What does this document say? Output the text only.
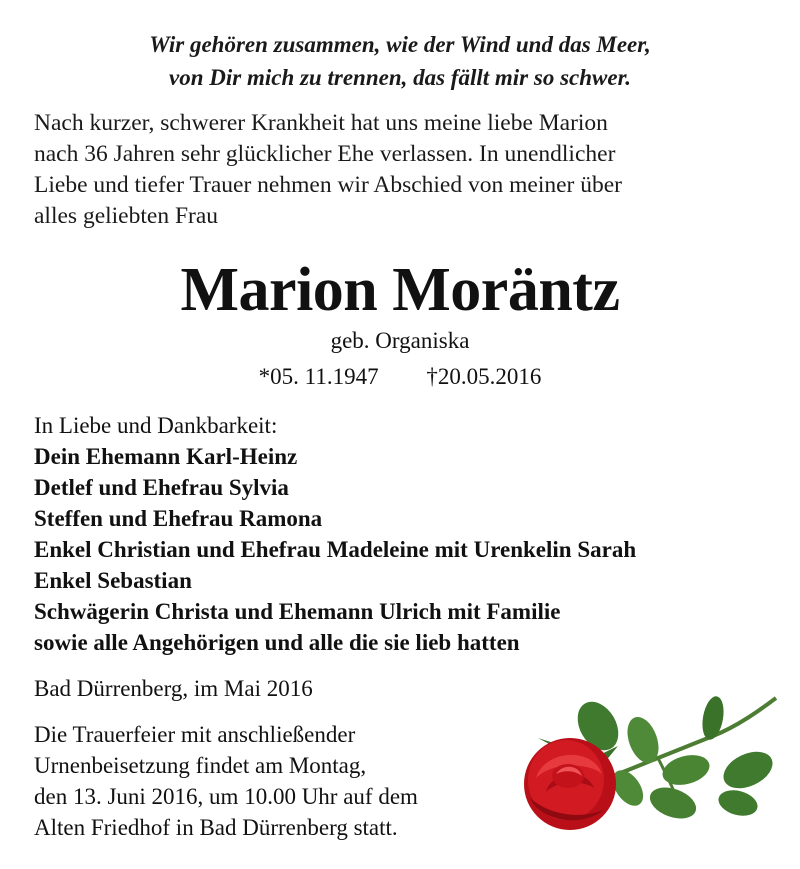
Wir gehören zusammen, wie der Wind und das Meer,
von Dir mich zu trennen, das fällt mir so schwer.
Nach kurzer, schwerer Krankheit hat uns meine liebe Marion
nach 36 Jahren sehr glücklicher Ehe verlassen. In unendlicher
Liebe und tiefer Trauer nehmen wir Abschied von meiner über
alles geliebten Frau
Marion Moräntz
geb. Organiska
*05. 11.1947 †20.05.2016
In Liebe und Dankbarkeit:
Dein Ehemann Karl-Heinz
Detlef und Ehefrau Sylvia
Steffen und Ehefrau Ramona
Enkel Christian und Ehefrau Madeleine mit Urenkelin Sarah
Enkel Sebastian
Schwägerin Christa und Ehemann Ulrich mit Familie
sowie alle Angehörigen und alle die sie lieb hatten
Bad Dürrenberg, im Mai 2016
Die Trauerfeier mit anschließender
Urnenbeisetzung findet am Montag,
den 13. Juni 2016, um 10.00 Uhr auf dem
Alten Friedhof in Bad Dürrenberg statt.
